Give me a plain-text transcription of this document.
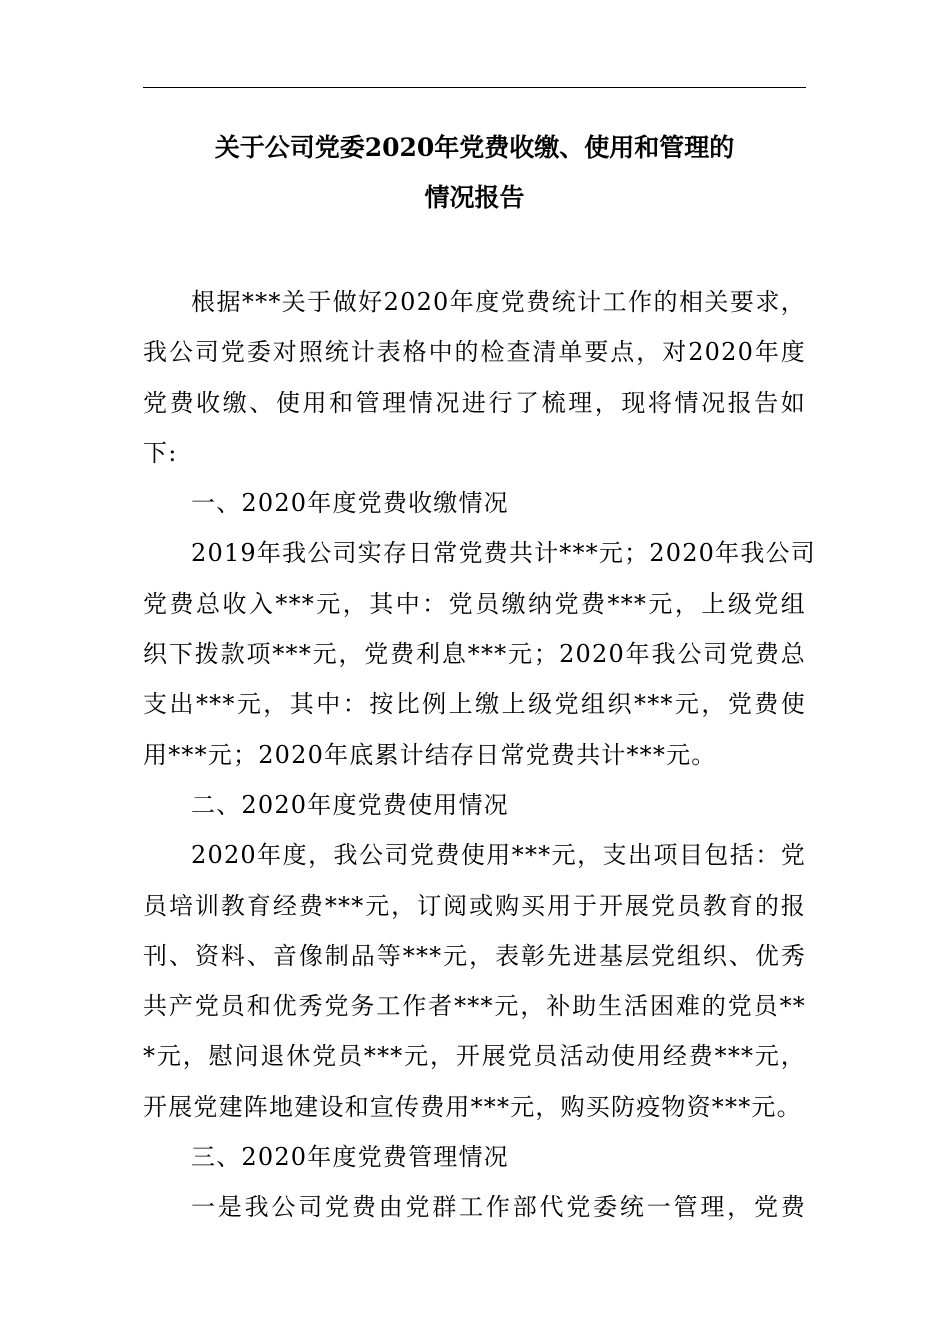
关于公司党委2020年党费收缴、使用和管理的
情况报告
根据***关于做好2020年度党费统计工作的相关要求，
我公司党委对照统计表格中的检查清单要点，对2020年度
党费收缴、使用和管理情况进行了梳理，现将情况报告如
下:
一、2020年度党费收缴情况
2019年我公司实存日常党费共计***元；2020年我公司
党费总收入***元，其中：党员缴纳党费***元，上级党组
织下拨款项***元，党费利息***元；2020年我公司党费总
支出***元，其中：按比例上缴上级党组织***元，党费使
用***元；2020年底累计结存日常党费共计***元。
二、2020年度党费使用情况
2020年度，我公司党费使用***元，支出项目包括：党
员培训教育经费***元，订阅或购买用于开展党员教育的报
刊、资料、音像制品等***元，表彰先进基层党组织、优秀
共产党员和优秀党务工作者***元，补助生活困难的党员**
*元，慰问退休党员***元，开展党员活动使用经费***元，
开展党建阵地建设和宣传费用***元，购买防疫物资***元。
三、2020年度党费管理情况
一是我公司党费由党群工作部代党委统一管理，党费
